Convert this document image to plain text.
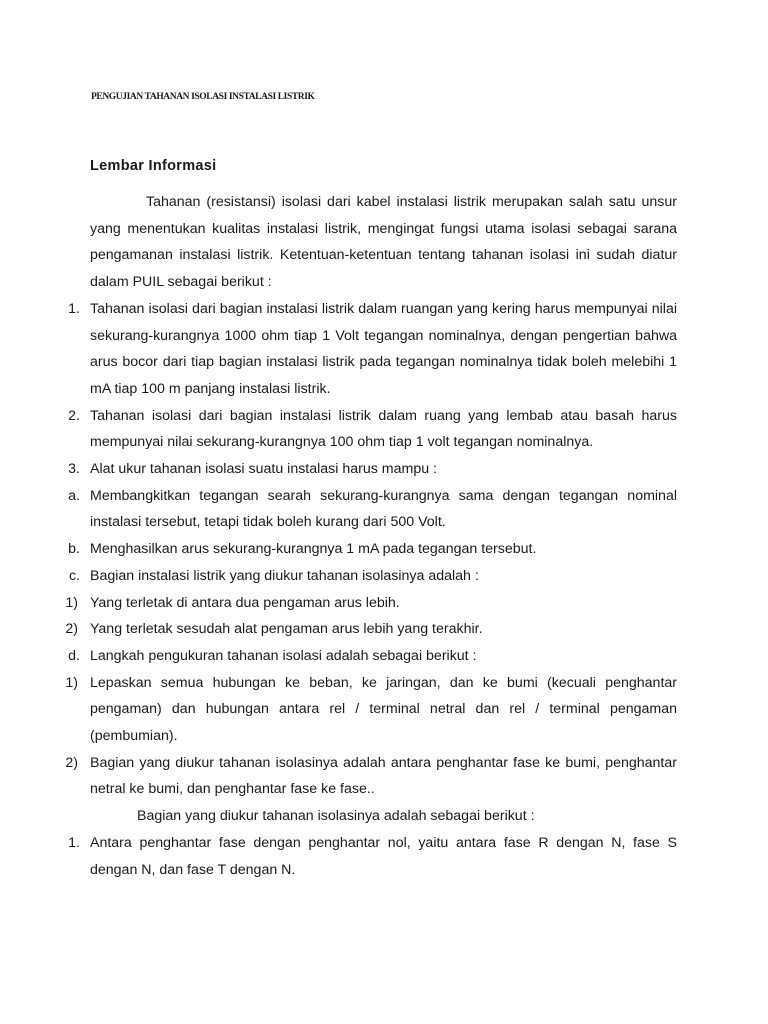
PENGUJIAN TAHANAN ISOLASI INSTALASI LISTRIK
Lembar Informasi
Tahanan (resistansi) isolasi dari kabel instalasi listrik merupakan salah satu unsur yang menentukan kualitas instalasi listrik, mengingat fungsi utama isolasi sebagai sarana pengamanan instalasi listrik. Ketentuan-ketentuan tentang tahanan isolasi ini sudah diatur dalam PUIL sebagai berikut :
1. Tahanan isolasi dari bagian instalasi listrik dalam ruangan yang kering harus mempunyai nilai sekurang-kurangnya 1000 ohm tiap 1 Volt tegangan nominalnya, dengan pengertian bahwa arus bocor dari tiap bagian instalasi listrik pada tegangan nominalnya tidak boleh melebihi 1 mA tiap 100 m panjang instalasi listrik.
2. Tahanan isolasi dari bagian instalasi listrik dalam ruang yang lembab atau basah harus mempunyai nilai sekurang-kurangnya 100 ohm tiap 1 volt tegangan nominalnya.
3. Alat ukur tahanan isolasi suatu instalasi harus mampu :
a. Membangkitkan tegangan searah sekurang-kurangnya sama dengan tegangan nominal instalasi tersebut, tetapi tidak boleh kurang dari 500 Volt.
b. Menghasilkan arus sekurang-kurangnya 1 mA pada tegangan tersebut.
c. Bagian instalasi listrik yang diukur tahanan isolasinya adalah :
1) Yang terletak di antara dua pengaman arus lebih.
2) Yang terletak sesudah alat pengaman arus lebih yang terakhir.
d. Langkah pengukuran tahanan isolasi adalah sebagai berikut :
1) Lepaskan semua hubungan ke beban, ke jaringan, dan ke bumi (kecuali penghantar pengaman) dan hubungan antara rel / terminal netral dan rel / terminal pengaman (pembumian).
2) Bagian yang diukur tahanan isolasinya adalah antara penghantar fase ke bumi, penghantar netral ke bumi, dan penghantar fase ke fase..
Bagian yang diukur tahanan isolasinya adalah sebagai berikut :
1. Antara penghantar fase dengan penghantar nol, yaitu antara fase R dengan N, fase S dengan N, dan fase T dengan N.
